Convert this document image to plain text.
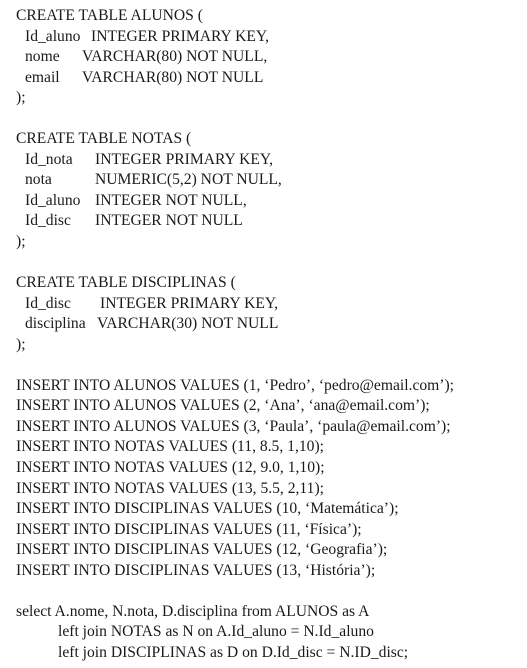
CREATE TABLE ALUNOS (
Id_aluno INTEGER PRIMARY KEY,
nome	VARCHAR(80) NOT NULL,
email	VARCHAR(80) NOT NULL
);
CREATE TABLE NOTAS (
Id_nota	INTEGER PRIMARY KEY,
nota	NUMERIC(5,2) NOT NULL,
Id_aluno INTEGER NOT NULL,
Id_disc	INTEGER NOT NULL
);
CREATE TABLE DISCIPLINAS (
Id_disc	INTEGER PRIMARY KEY,
disciplina VARCHAR(30) NOT NULL
);
INSERT INTO ALUNOS VALUES (1, ‘Pedro’, ‘pedro@email.com’);
INSERT INTO ALUNOS VALUES (2, ‘Ana’, ‘ana@email.com’);
INSERT INTO ALUNOS VALUES (3, ‘Paula’, ‘paula@email.com’);
INSERT INTO NOTAS VALUES (11, 8.5, 1,10);
INSERT INTO NOTAS VALUES (12, 9.0, 1,10);
INSERT INTO NOTAS VALUES (13, 5.5, 2,11);
INSERT INTO DISCIPLINAS VALUES (10, ‘Matemática’);
INSERT INTO DISCIPLINAS VALUES (11, ‘Física’);
INSERT INTO DISCIPLINAS VALUES (12, ‘Geografia’);
INSERT INTO DISCIPLINAS VALUES (13, ‘História’);
select A.nome, N.nota, D.disciplina from ALUNOS as A
left join NOTAS as N on A.Id_aluno = N.Id_aluno
left join DISCIPLINAS as D on D.Id_disc = N.ID_disc;
